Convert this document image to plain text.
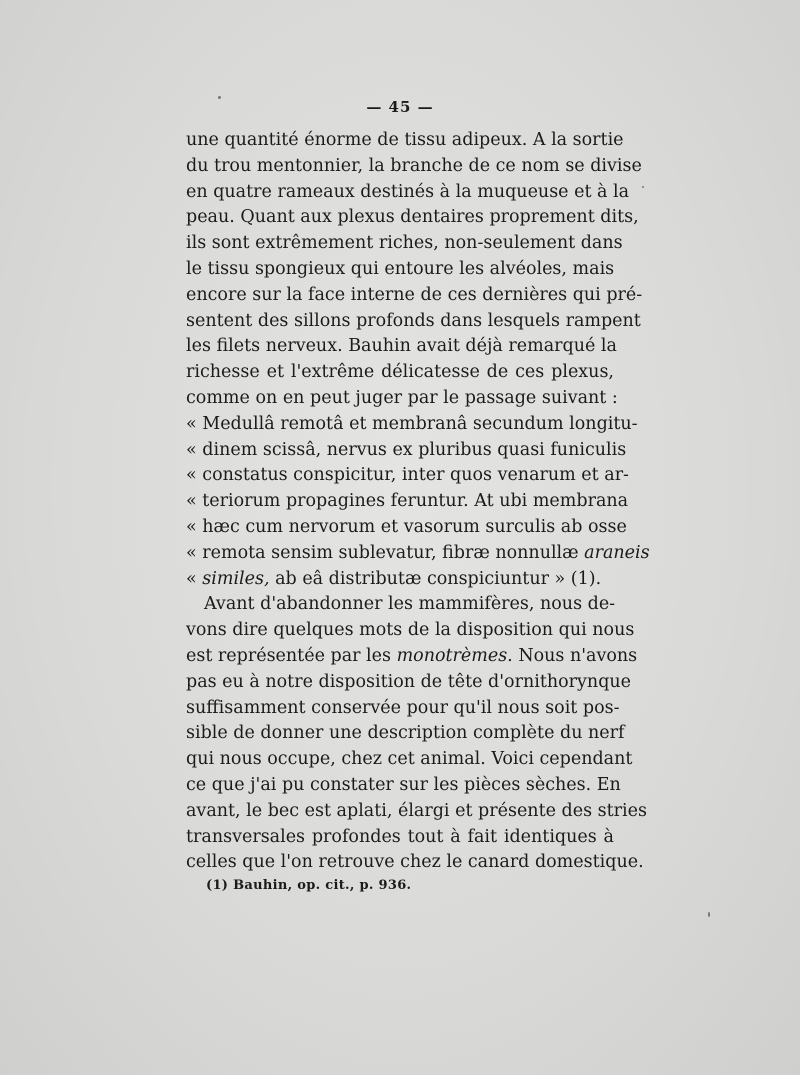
— 45 —
une quantité énorme de tissu adipeux. A la sortie
du trou mentonnier, la branche de ce nom se divise
en quatre rameaux destinés à la muqueuse et à la
peau. Quant aux plexus dentaires proprement dits,
ils sont extrêmement riches, non-seulement dans
le tissu spongieux qui entoure les alvéoles, mais
encore sur la face interne de ces dernières qui pré-
sentent des sillons profonds dans lesquels rampent
les filets nerveux. Bauhin avait déjà remarqué la
richesse et l'extrême délicatesse de ces plexus,
comme on en peut juger par le passage suivant :
« Medullâ remotâ et membranâ secundum longitu-
« dinem scissâ, nervus ex pluribus quasi funiculis
« constatus conspicitur, inter quos venarum et ar-
« teriorum propagines feruntur. At ubi membrana
« hæc cum nervorum et vasorum surculis ab osse
« remota sensim sublevatur, fibræ nonnullæ araneis
« similes, ab eâ distributæ conspiciuntur » (1).
Avant d'abandonner les mammifères, nous de-
vons dire quelques mots de la disposition qui nous
est représentée par les monotrèmes. Nous n'avons
pas eu à notre disposition de tête d'ornithorynque
suffisamment conservée pour qu'il nous soit pos-
sible de donner une description complète du nerf
qui nous occupe, chez cet animal. Voici cependant
ce que j'ai pu constater sur les pièces sèches. En
avant, le bec est aplati, élargi et présente des stries
transversales profondes tout à fait identiques à
celles que l'on retrouve chez le canard domestique.
(1) Bauhin, op. cit., p. 936.
